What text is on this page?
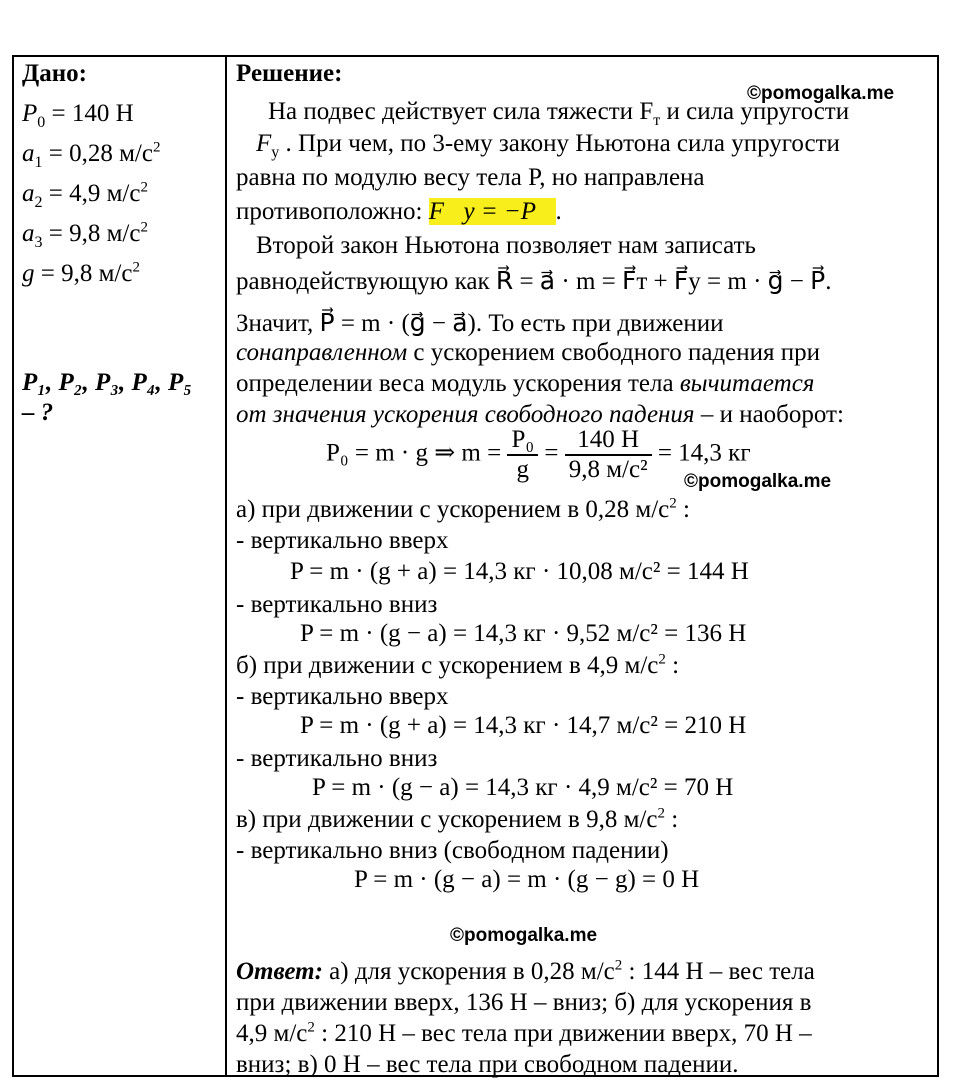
Дано:
$P_0 = 140$ Н
$a_1 = 0,28$ $м/с^2$
$a_2 = 4,9$ $м/с^2$
$a_3 = 9,8$ $м/с^2$
g = 9,8 $м/с^2$
P₁, P₂, P₃, P₄, P₅
– ?
Решение:
На подвес действует сила тяжести $F_т$ и сила упругости
$F_у$ . При чем, по 3-ему закону Ньютона сила упругости
равна по модулю весу тела P, но направлена
противоположно: F⃗у = −P⃗.
Второй закон Ньютона позволяет нам записать
равнодействующую как R⃗ = a⃗ · m = F⃗т + F⃗у = m · g⃗ − P⃗.
Значит, P⃗ = m · (g⃗ − a⃗). То есть при движении
сонаправленном с ускорением свободного падения при
определении веса модуль ускорения тела вычитается
от значения ускорения свободного падения – и наоборот:
P₀ = m · g ⇒ $m = \frac{\text{P₀}}{g} = \frac{140 Н}{\text{9,8 м/с²}} = 14,3$ кг
а) при движении с ускорением в 0,28 $м/с^2$ :
- вертикально вверх
P = m · (g + a) = 14,3 кг · 10,08 м/с² = 144 Н
- вертикально вниз
P = m · (g − a) = 14,3 кг · 9,52 м/с² = 136 Н
б) при движении с ускорением в 4,9 $м/с^2$ :
- вертикально вверх
P = m · (g + a) = 14,3 кг · 14,7 м/с² = 210 Н
- вертикально вниз
P = m · (g − a) = 14,3 кг · 4,9 м/с² = 70 Н
в) при движении с ускорением в 9,8 $м/с^2$ :
- вертикально вниз (свободном падении)
P = m · (g − a) = m · (g − g) = 0 Н
Ответ: а) для ускорения в 0,28 $м/с^2$ : 144 Н – вес тела
при движении вверх, 136 Н – вниз; б) для ускорения в
4,9 $м/с^2$ : 210 Н – вес тела при движении вверх, 70 Н –
вниз; в) 0 Н – вес тела при свободном падении.
©pomogalka.me
©pomogalka.me
©pomogalka.me
